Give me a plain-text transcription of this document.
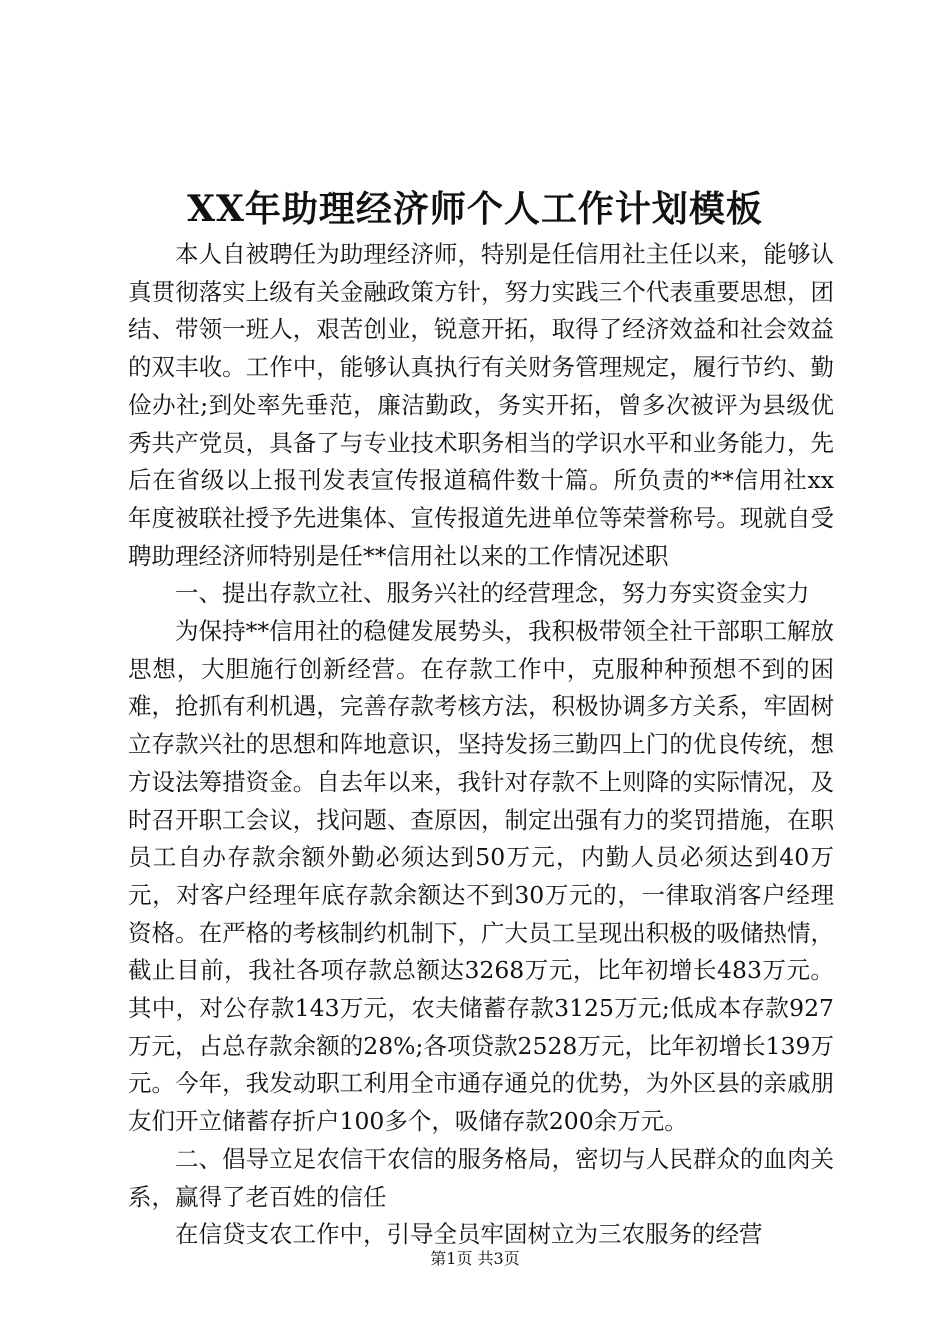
XX年助理经济师个人工作计划模板

本人自被聘任为助理经济师，特别是任信用社主任以来，能够认真贯彻落实上级有关金融政策方针，努力实践三个代表重要思想，团结、带领一班人，艰苦创业，锐意开拓，取得了经济效益和社会效益的双丰收。工作中，能够认真执行有关财务管理规定，履行节约、勤俭办社;到处率先垂范，廉洁勤政，务实开拓，曾多次被评为县级优秀共产党员，具备了与专业技术职务相当的学识水平和业务能力，先后在省级以上报刊发表宣传报道稿件数十篇。所负责的**信用社xx年度被联社授予先进集体、宣传报道先进单位等荣誉称号。现就自受聘助理经济师特别是任**信用社以来的工作情况述职

一、提出存款立社、服务兴社的经营理念，努力夯实资金实力

为保持**信用社的稳健发展势头，我积极带领全社干部职工解放思想，大胆施行创新经营。在存款工作中，克服种种预想不到的困难，抢抓有利机遇，完善存款考核方法，积极协调多方关系，牢固树立存款兴社的思想和阵地意识，坚持发扬三勤四上门的优良传统，想方设法筹措资金。自去年以来，我针对存款不上则降的实际情况，及时召开职工会议，找问题、查原因，制定出强有力的奖罚措施，在职员工自办存款余额外勤必须达到50万元，内勤人员必须达到40万元，对客户经理年底存款余额达不到30万元的，一律取消客户经理资格。在严格的考核制约机制下，广大员工呈现出积极的吸储热情，截止目前，我社各项存款总额达3268万元，比年初增长483万元。其中，对公存款143万元，农夫储蓄存款3125万元;低成本存款927万元，占总存款余额的28%;各项贷款2528万元，比年初增长139万元。今年，我发动职工利用全市通存通兑的优势，为外区县的亲戚朋友们开立储蓄存折户100多个，吸储存款200余万元。

二、倡导立足农信干农信的服务格局，密切与人民群众的血肉关系，赢得了老百姓的信任

在信贷支农工作中，引导全员牢固树立为三农服务的经营

第1页 共3页
